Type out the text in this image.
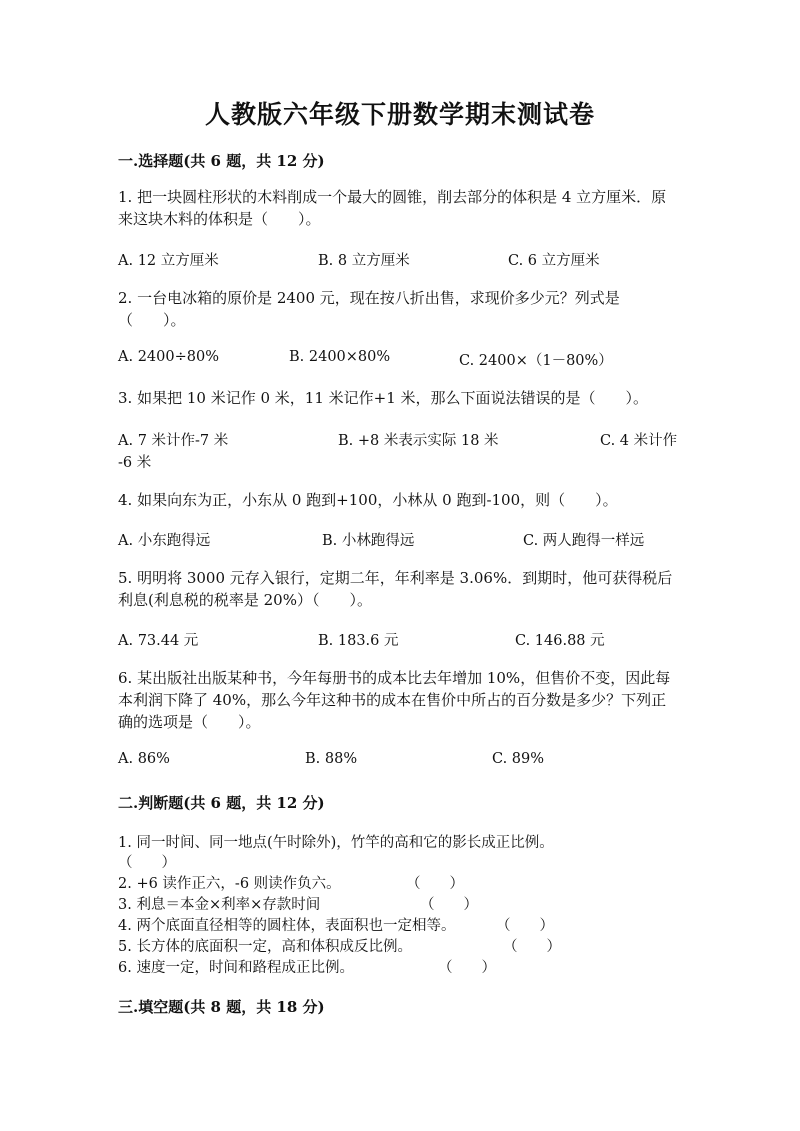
人教版六年级下册数学期末测试卷
一.选择题(共 6 题，共 12 分)
1. 把一块圆柱形状的木料削成一个最大的圆锥，削去部分的体积是 4 立方厘米．原来这块木料的体积是（　　）。
A. 12 立方厘米	B. 8 立方厘米	C. 6 立方厘米
2. 一台电冰箱的原价是 2400 元，现在按八折出售，求现价多少元？列式是（　　）。
A. 2400÷80%	B. 2400×80%	C. 2400×（1－80%）
3. 如果把 10 米记作 0 米，11 米记作+1 米，那么下面说法错误的是（　　）。
A. 7 米计作-7 米	B. +8 米表示实际 18 米	C. 4 米计作
-6 米
4. 如果向东为正，小东从 0 跑到+100，小林从 0 跑到-100，则（　　）。
A. 小东跑得远	B. 小林跑得远	C. 两人跑得一样远
5. 明明将 3000 元存入银行，定期二年，年利率是 3.06%．到期时，他可获得税后利息(利息税的税率是 20%）（　　）。
A. 73.44 元	B. 183.6 元	C. 146.88 元
6. 某出版社出版某种书，今年每册书的成本比去年增加 10%，但售价不变，因此每本利润下降了 40%，那么今年这种书的成本在售价中所占的百分数是多少？下列正确的选项是（　　）。
A. 86%	B. 88%	C. 89%
二.判断题(共 6 题，共 12 分)
1. 同一时间、同一地点(午时除外)，竹竿的高和它的影长成正比例。
（　　）
2. +6 读作正六，-6 则读作负六。	（　　）
3. 利息＝本金×利率×存款时间	（　　）
4. 两个底面直径相等的圆柱体，表面积也一定相等。	（　　）
5. 长方体的底面积一定，高和体积成反比例。	（　　）
6. 速度一定，时间和路程成正比例。	（　　）
三.填空题(共 8 题，共 18 分)
